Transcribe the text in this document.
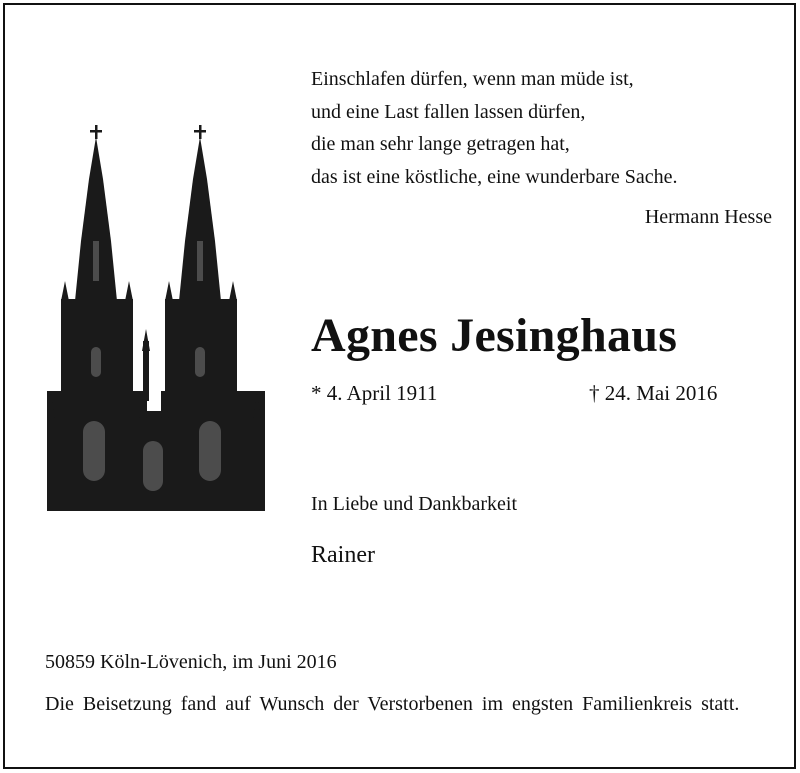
Einschlafen dürfen, wenn man müde ist,
und eine Last fallen lassen dürfen,
die man sehr lange getragen hat,
das ist eine köstliche, eine wunderbare Sache.
Hermann Hesse
Agnes Jesinghaus
* 4. April 1911	† 24. Mai 2016
In Liebe und Dankbarkeit
Rainer
50859 Köln-Lövenich, im Juni 2016
Die Beisetzung fand auf Wunsch der Verstorbenen im engsten Familienkreis statt.
